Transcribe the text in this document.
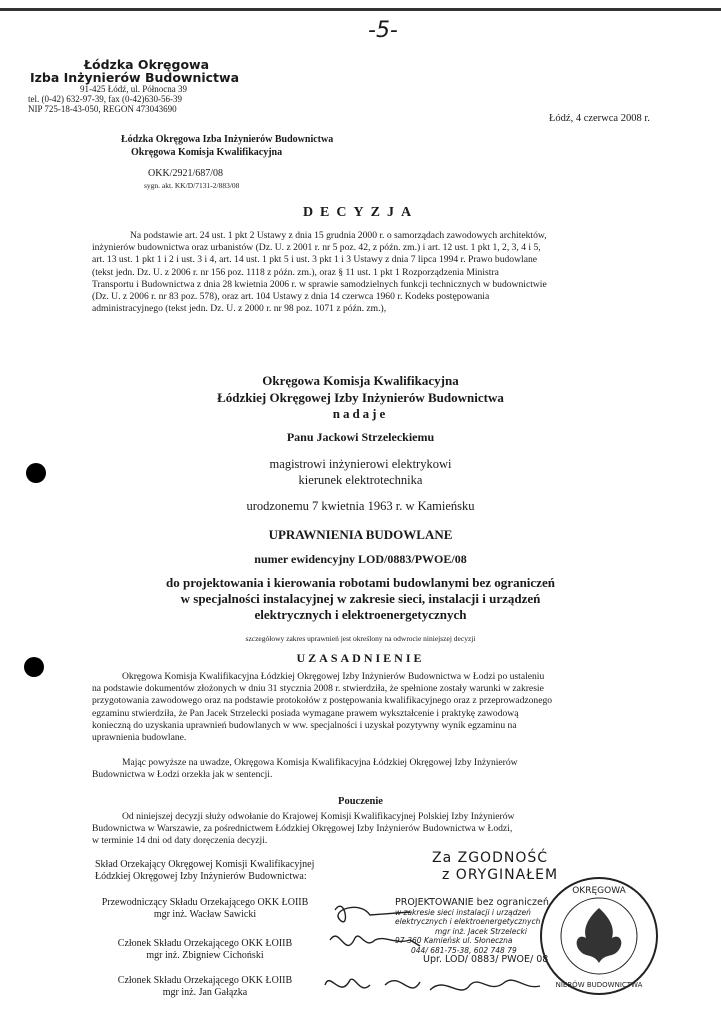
-5-
Łódzka Okręgowa
Izba Inżynierów Budownictwa
91-425 Łódź, ul. Północna 39
tel. (0-42) 632-97-39, fax (0-42)630-56-39
NIP 725-18-43-050, REGON 473043690
Łódź, 4 czerwca 2008 r.
Łódzka Okręgowa Izba Inżynierów Budownictwa
Okręgowa Komisja Kwalifikacyjna
OKK/2921/687/08
sygn. akt. KK/D/7131-2/883/08
DECYZJA
Na podstawie art. 24 ust. 1 pkt 2 Ustawy z dnia 15 grudnia 2000 r. o samorządach zawodowych architektów,
inżynierów budownictwa oraz urbanistów (Dz. U. z 2001 r. nr 5 poz. 42, z późn. zm.) i art. 12 ust. 1 pkt 1, 2, 3, 4 i 5,
art. 13 ust. 1 pkt 1 i 2 i ust. 3 i 4, art. 14 ust. 1 pkt 5 i ust. 3 pkt 1 i 3 Ustawy z dnia 7 lipca 1994 r. Prawo budowlane
(tekst jedn. Dz. U. z 2006 r. nr 156 poz. 1118 z późn. zm.), oraz § 11 ust. 1 pkt 1 Rozporządzenia Ministra
Transportu i Budownictwa z dnia 28 kwietnia 2006 r. w sprawie samodzielnych funkcji technicznych w budownictwie
(Dz. U. z 2006 r. nr 83 poz. 578), oraz art. 104 Ustawy z dnia 14 czerwca 1960 r. Kodeks postępowania
administracyjnego (tekst jedn. Dz. U. z 2000 r. nr 98 poz. 1071 z późn. zm.),
Okręgowa Komisja Kwalifikacyjna
Łódzkiej Okręgowej Izby Inżynierów Budownictwa
nadaje
Panu Jackowi Strzeleckiemu
magistrowi inżynierowi elektrykowi
kierunek elektrotechnika
urodzonemu 7 kwietnia 1963 r. w Kamieńsku
UPRAWNIENIA BUDOWLANE
numer ewidencyjny LOD/0883/PWOE/08
do projektowania i kierowania robotami budowlanymi bez ograniczeń
w specjalności instalacyjnej w zakresie sieci, instalacji i urządzeń
elektrycznych i elektroenergetycznych
szczegółowy zakres uprawnień jest określony na odwrocie niniejszej decyzji
UZASADNIENIE
Okręgowa Komisja Kwalifikacyjna Łódzkiej Okręgowej Izby Inżynierów Budownictwa w Łodzi po ustaleniu
na podstawie dokumentów złożonych w dniu 31 stycznia 2008 r. stwierdziła, że spełnione zostały warunki w zakresie
przygotowania zawodowego oraz na podstawie protokołów z postępowania kwalifikacyjnego oraz z przeprowadzonego
egzaminu stwierdziła, że Pan Jacek Strzelecki posiada wymagane prawem wykształcenie i praktykę zawodową
konieczną do uzyskania uprawnień budowlanych w ww. specjalności i uzyskał pozytywny wynik egzaminu na
uprawnienia budowlane.
Mając powyższe na uwadze, Okręgowa Komisja Kwalifikacyjna Łódzkiej Okręgowej Izby Inżynierów
Budownictwa w Łodzi orzekła jak w sentencji.
Pouczenie
Od niniejszej decyzji służy odwołanie do Krajowej Komisji Kwalifikacyjnej Polskiej Izby Inżynierów
Budownictwa w Warszawie, za pośrednictwem Łódzkiej Okręgowej Izby Inżynierów Budownictwa w Łodzi,
w terminie 14 dni od daty doręczenia decyzji.
Skład Orzekający Okręgowej Komisji Kwalifikacyjnej
Łódzkiej Okręgowej Izby Inżynierów Budownictwa:
Przewodniczący Składu Orzekającego OKK ŁOIIB
mgr inż. Wacław Sawicki
Członek Składu Orzekającego OKK ŁOIIB
mgr inż. Zbigniew Cichoński
Członek Składu Orzekającego OKK ŁOIIB
mgr inż. Jan Gałązka
Za ZGODNOŚĆ
z ORYGINAŁEM
PROJEKTOWANIE bez ograniczeń
w zakresie sieci instalacji i urządzeń
elektrycznych i elektroenergetycznych
mgr inż. Jacek Strzelecki
97-360 Kamieńsk ul. Słoneczna
044/ 681-75-38, 602 748 79
Upr. LOD/ 0883/ PWOE/ 08
OKRĘGOWA
NIERÓW BUDOWNICTWA
